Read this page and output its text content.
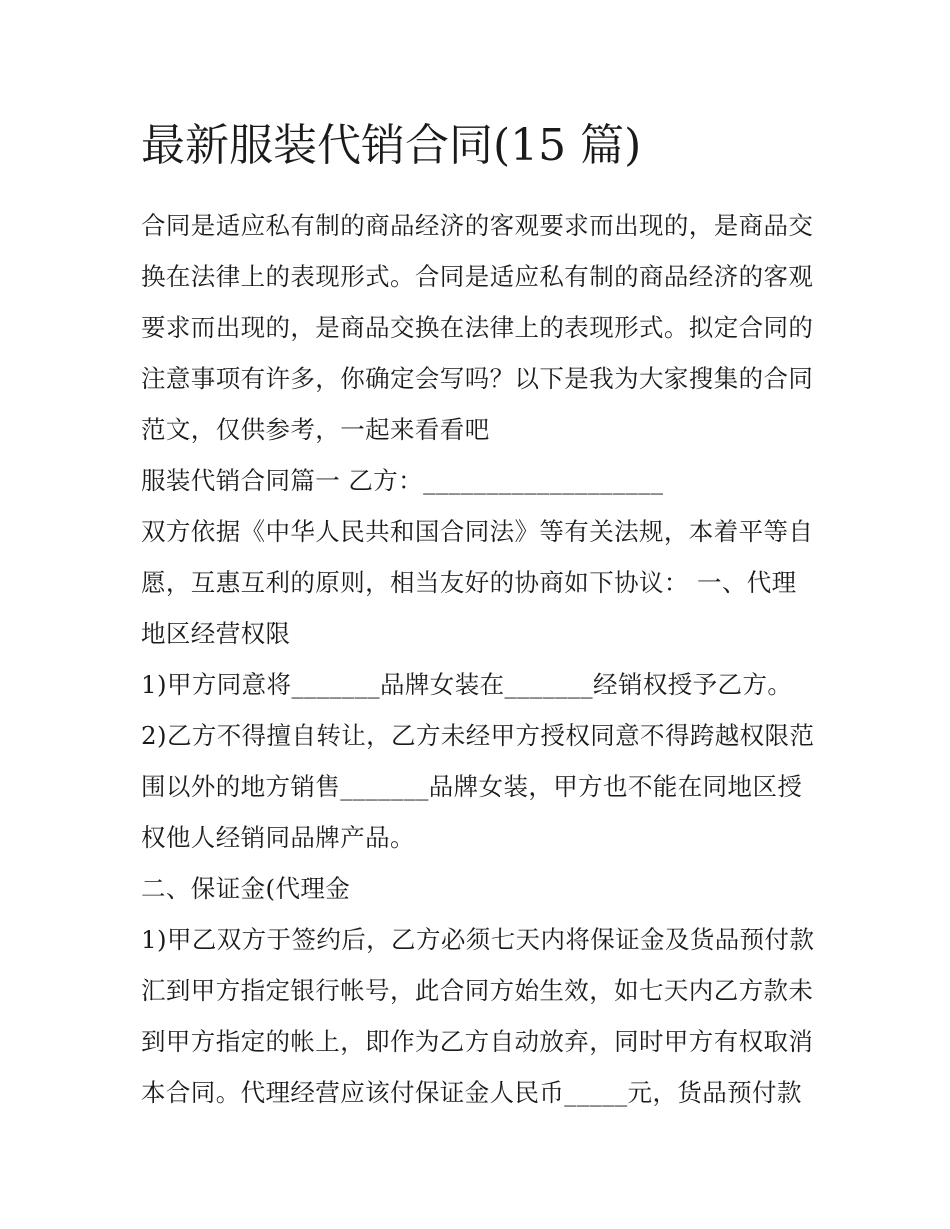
最新服装代销合同(15 篇)
合同是适应私有制的商品经济的客观要求而出现的，是商品交
换在法律上的表现形式。合同是适应私有制的商品经济的客观
要求而出现的，是商品交换在法律上的表现形式。拟定合同的
注意事项有许多，你确定会写吗？以下是我为大家搜集的合同
范文，仅供参考，一起来看看吧
服装代销合同篇一 乙方：___________________
双方依据《中华人民共和国合同法》等有关法规，本着平等自
愿，互惠互利的原则，相当友好的协商如下协议： 一、代理
地区经营权限
1)甲方同意将_______品牌女装在_______经销权授予乙方。
2)乙方不得擅自转让，乙方未经甲方授权同意不得跨越权限范
围以外的地方销售_______品牌女装，甲方也不能在同地区授
权他人经销同品牌产品。
二、保证金(代理金
1)甲乙双方于签约后，乙方必须七天内将保证金及货品预付款
汇到甲方指定银行帐号，此合同方始生效，如七天内乙方款未
到甲方指定的帐上，即作为乙方自动放弃，同时甲方有权取消
本合同。代理经营应该付保证金人民币_____元，货品预付款
